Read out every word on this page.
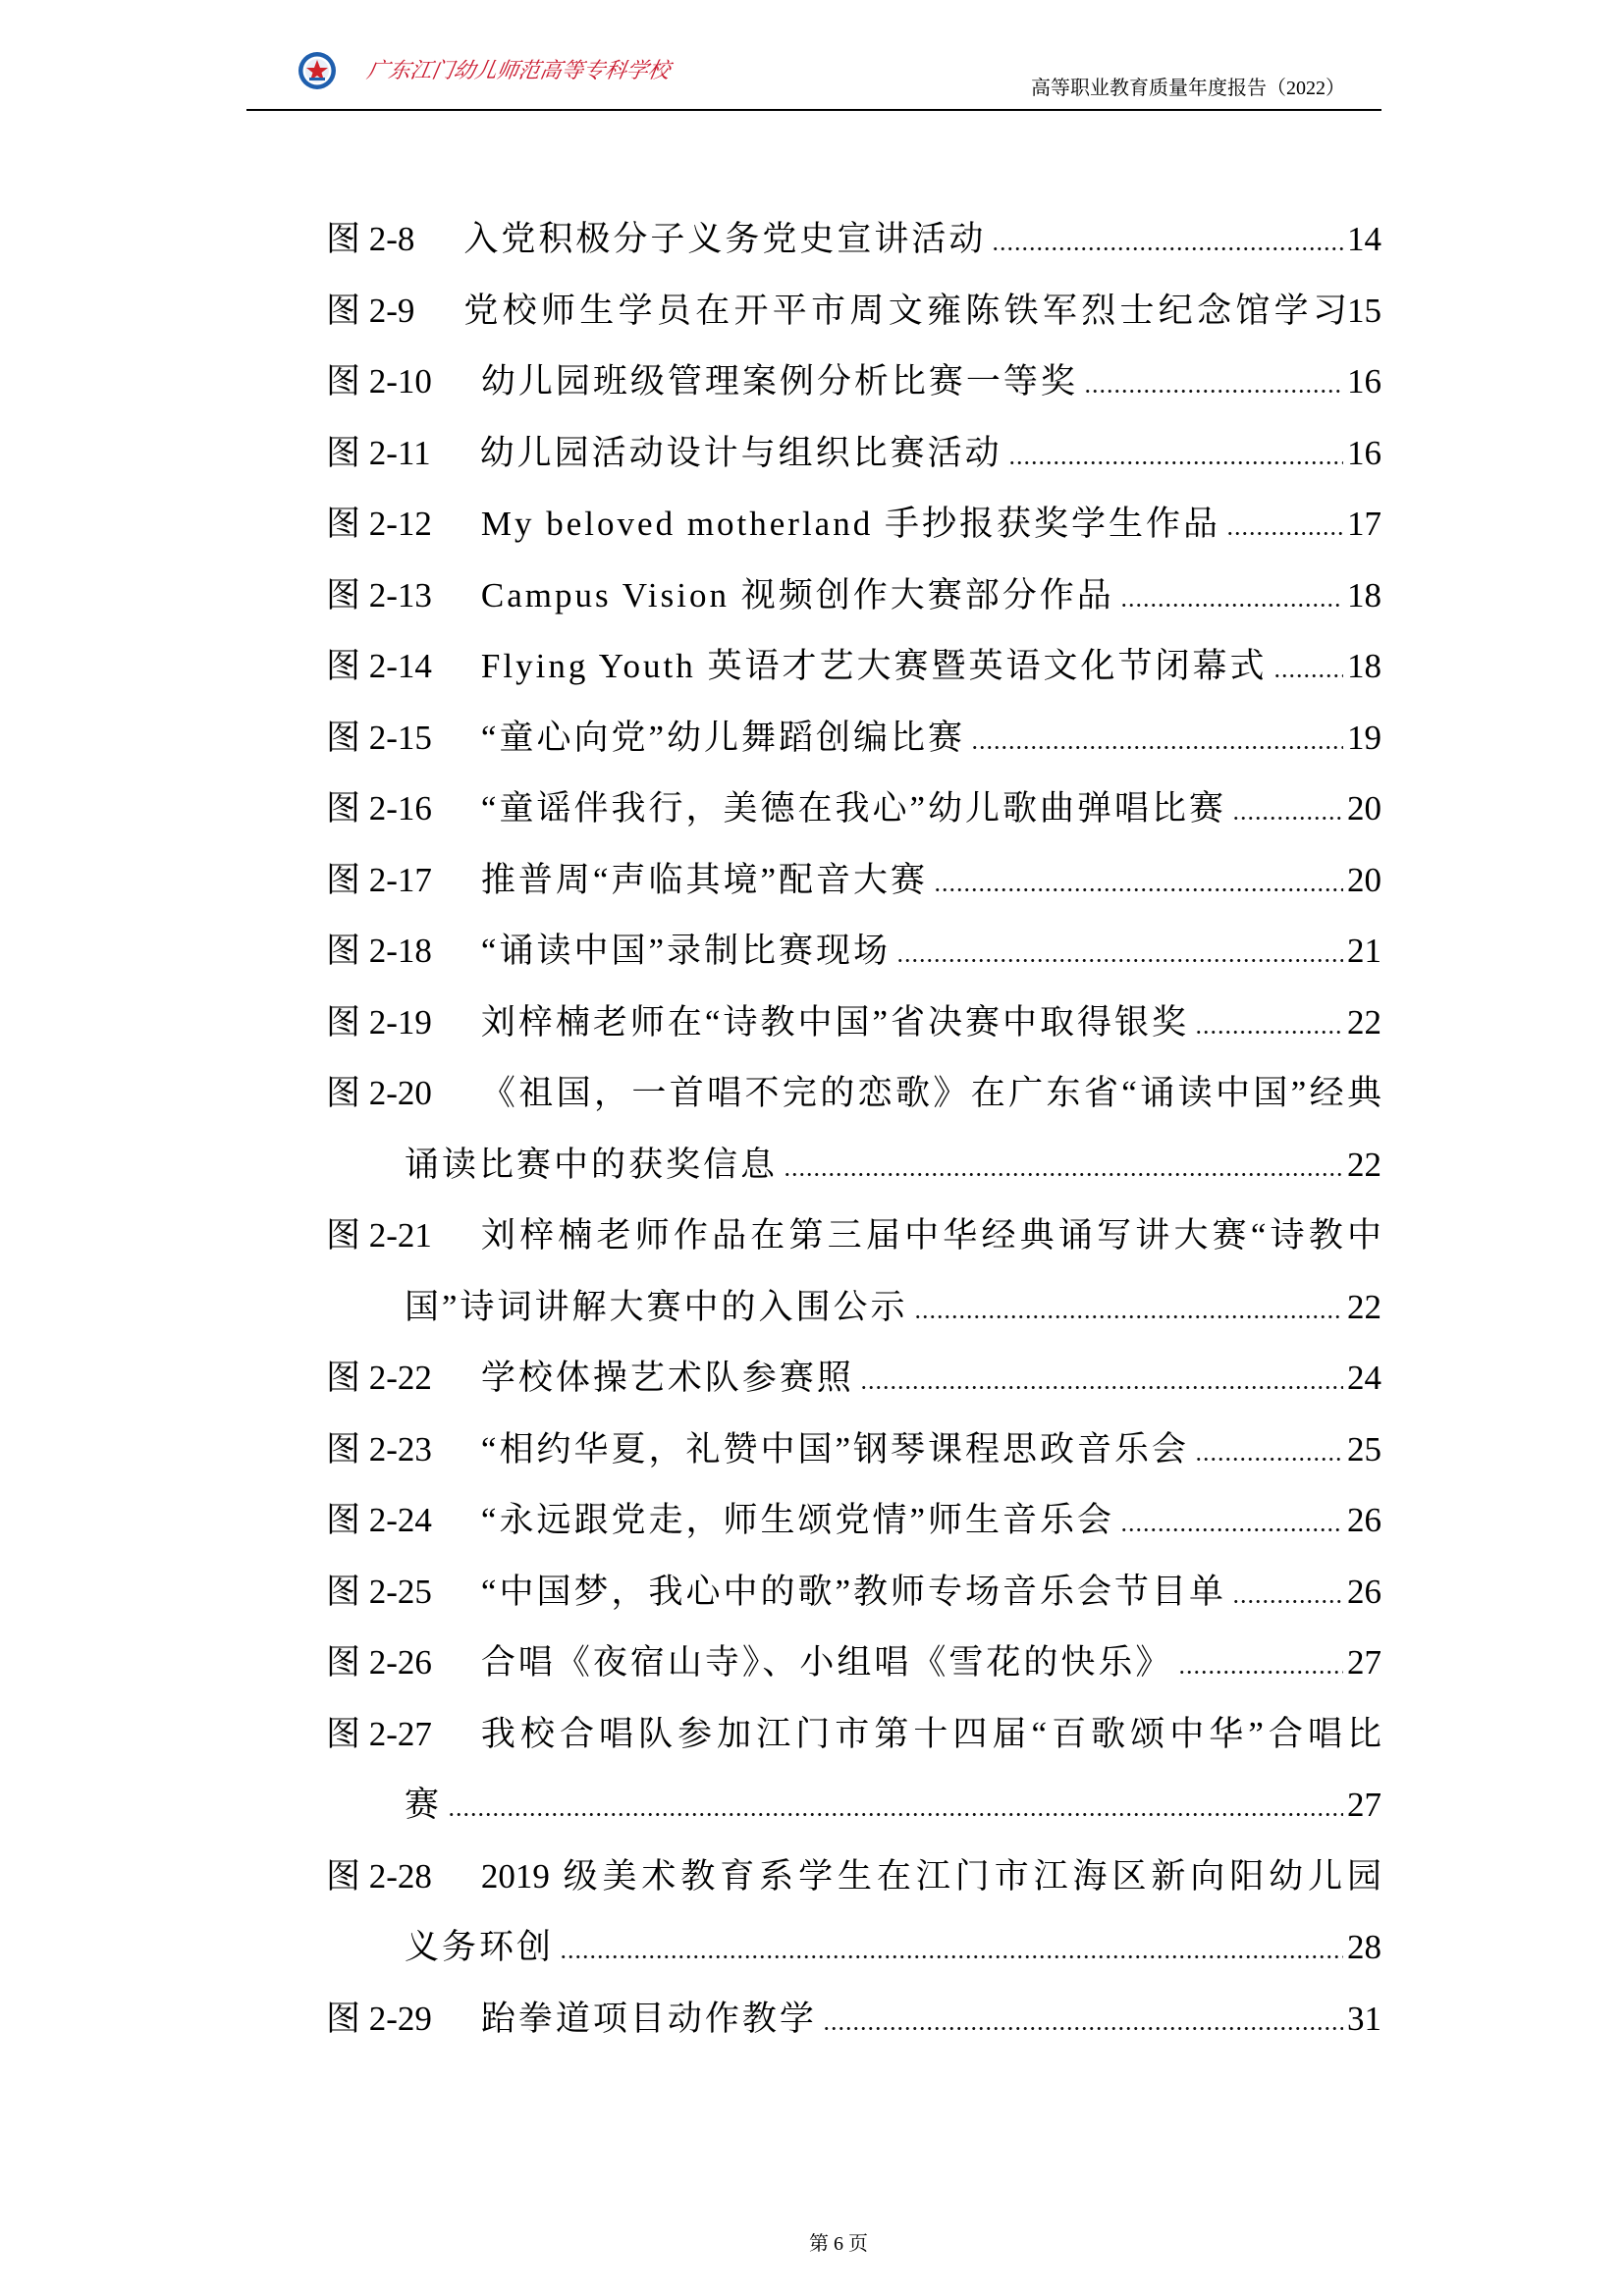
广东江门幼儿师范高等专科学校
高等职业教育质量年度报告（2022）
图 2-8 入党积极分子义务党史宣讲活动	14
图 2-9 党校师生学员在开平市周文雍陈铁军烈士纪念馆学习 15
图 2-10 幼儿园班级管理案例分析比赛一等奖	16
图 2-11 幼儿园活动设计与组织比赛活动	16
图 2-12 My beloved motherland 手抄报获奖学生作品	17
图 2-13 Campus Vision 视频创作大赛部分作品	18
图 2-14 Flying Youth 英语才艺大赛暨英语文化节闭幕式 18
图 2-15 “童心向党”幼儿舞蹈创编比赛	19
图 2-16 “童谣伴我行，美德在我心”幼儿歌曲弹唱比赛	20
图 2-17 推普周“声临其境”配音大赛	20
图 2-18 “诵读中国”录制比赛现场	21
图 2-19 刘梓楠老师在“诗教中国”省决赛中取得银奖	22
图 2-20 《祖国，一首唱不完的恋歌》在广东省“诵读中国”经典
诵读比赛中的获奖信息	22
图 2-21 刘梓楠老师作品在第三届中华经典诵写讲大赛“诗教中
国”诗词讲解大赛中的入围公示	22
图 2-22 学校体操艺术队参赛照	24
图 2-23 “相约华夏，礼赞中国”钢琴课程思政音乐会	25
图 2-24 “永远跟党走，师生颂党情”师生音乐会	26
图 2-25 “中国梦，我心中的歌”教师专场音乐会节目单	26
图 2-26 合唱《夜宿山寺》、小组唱《雪花的快乐》	27
图 2-27 我校合唱队参加江门市第十四届“百歌颂中华”合唱比
赛	27
图 2-28 2019 级美术教育系学生在江门市江海区新向阳幼儿园
义务环创	28
图 2-29 跆拳道项目动作教学	31
第 6 页
